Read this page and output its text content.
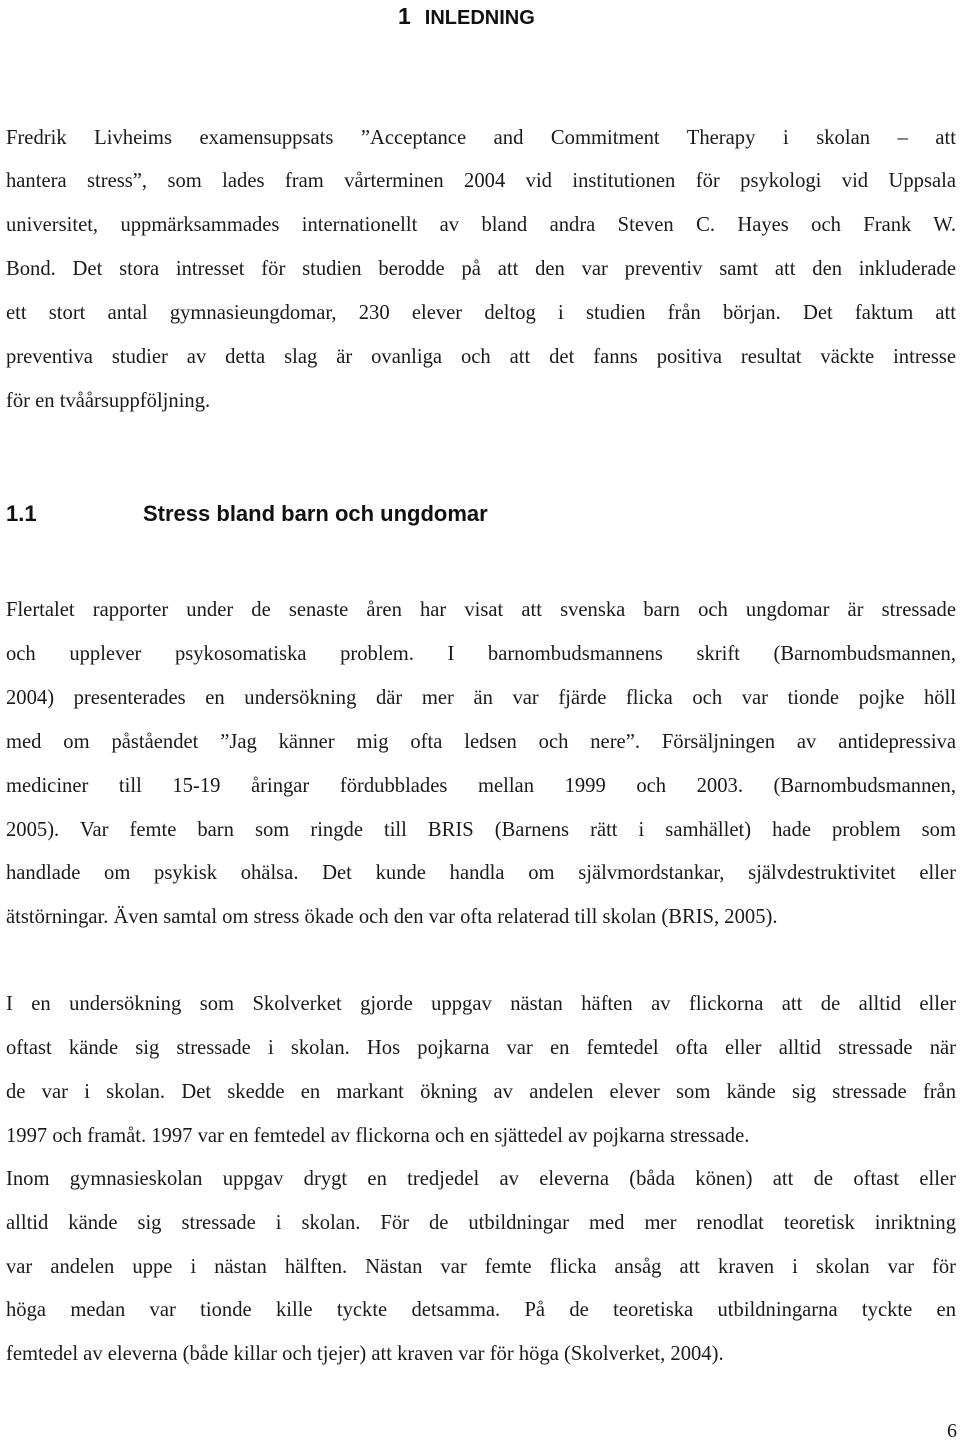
1 INLEDNING
Fredrik Livheims examensuppsats ”Acceptance and Commitment Therapy i skolan – att
hantera stress”, som lades fram vårterminen 2004 vid institutionen för psykologi vid Uppsala
universitet, uppmärksammades internationellt av bland andra Steven C. Hayes och Frank W.
Bond. Det stora intresset för studien berodde på att den var preventiv samt att den inkluderade
ett stort antal gymnasieungdomar, 230 elever deltog i studien från början. Det faktum att
preventiva studier av detta slag är ovanliga och att det fanns positiva resultat väckte intresse
för en tvåårsuppföljning.
1.1	Stress bland barn och ungdomar
Flertalet rapporter under de senaste åren har visat att svenska barn och ungdomar är stressade
och upplever psykosomatiska problem. I barnombudsmannens skrift (Barnombudsmannen,
2004) presenterades en undersökning där mer än var fjärde flicka och var tionde pojke höll
med om påståendet ”Jag känner mig ofta ledsen och nere”. Försäljningen av antidepressiva
mediciner till 15-19 åringar fördubblades mellan 1999 och 2003. (Barnombudsmannen,
2005). Var femte barn som ringde till BRIS (Barnens rätt i samhället) hade problem som
handlade om psykisk ohälsa. Det kunde handla om självmordstankar, självdestruktivitet eller
ätstörningar. Även samtal om stress ökade och den var ofta relaterad till skolan (BRIS, 2005).
I en undersökning som Skolverket gjorde uppgav nästan häften av flickorna att de alltid eller
oftast kände sig stressade i skolan. Hos pojkarna var en femtedel ofta eller alltid stressade när
de var i skolan. Det skedde en markant ökning av andelen elever som kände sig stressade från
1997 och framåt. 1997 var en femtedel av flickorna och en sjättedel av pojkarna stressade.
Inom gymnasieskolan uppgav drygt en tredjedel av eleverna (båda könen) att de oftast eller
alltid kände sig stressade i skolan. För de utbildningar med mer renodlat teoretisk inriktning
var andelen uppe i nästan hälften. Nästan var femte flicka ansåg att kraven i skolan var för
höga medan var tionde kille tyckte detsamma. På de teoretiska utbildningarna tyckte en
femtedel av eleverna (både killar och tjejer) att kraven var för höga (Skolverket, 2004).
6
